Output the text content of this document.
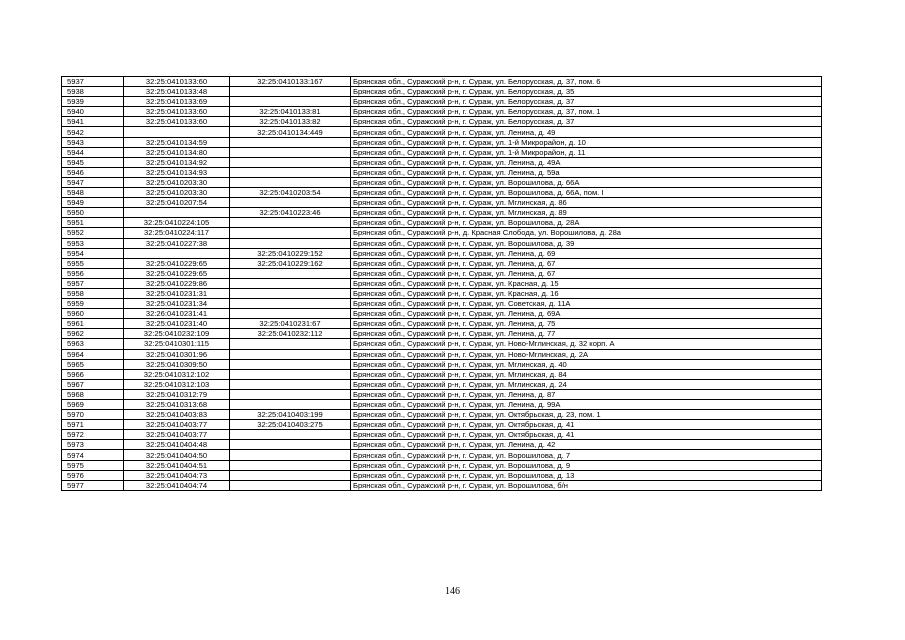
5937	32:25:0410133:60	32:25:0410133:167	Брянская обл., Суражский р-н, г. Сураж, ул. Белорусская, д. 37, пом. 6
5938	32:25:0410133:48		Брянская обл., Суражский р-н, г. Сураж, ул. Белорусская, д. 35
5939	32:25:0410133:69		Брянская обл., Суражский р-н, г. Сураж, ул. Белорусская, д. 37
5940	32:25:0410133:60	32:25:0410133:81	Брянская обл., Суражский р-н, г. Сураж, ул. Белорусская, д. 37, пом. 1
5941	32:25:0410133:60	32:25:0410133:82	Брянская обл., Суражский р-н, г. Сураж, ул. Белорусская, д. 37
5942		32:25:0410134:449	Брянская обл., Суражский р-н, г. Сураж, ул. Ленина, д. 49
5943	32:25:0410134:59		Брянская обл., Суражский р-н, г. Сураж, ул. 1-й Микрорайон, д. 10
5944	32:25:0410134:80		Брянская обл., Суражский р-н, г. Сураж, ул. 1-й Микрорайон, д. 11
5945	32:25:0410134:92		Брянская обл., Суражский р-н, г. Сураж, ул. Ленина, д. 49А
5946	32:25:0410134:93		Брянская обл., Суражский р-н, г. Сураж, ул. Ленина, д. 59а
5947	32:25:0410203:30		Брянская обл., Суражский р-н, г. Сураж, ул. Ворошилова, д. 66А
5948	32:25:0410203:30	32:25:0410203:54	Брянская обл., Суражский р-н, г. Сураж, ул. Ворошилова, д. 66А, пом. I
5949	32:25:0410207:54		Брянская обл., Суражский р-н, г. Сураж, ул. Мглинская, д. 86
5950		32:25:0410223:46	Брянская обл., Суражский р-н, г. Сураж, ул. Мглинская, д. 89
5951	32:25:0410224:105		Брянская обл., Суражский р-н, г. Сураж, ул. Ворошилова, д. 28А
5952	32:25:0410224:117		Брянская обл., Суражский р-н, д. Красная Слобода, ул. Ворошилова, д. 28а
5953	32:25:0410227:38		Брянская обл., Суражский р-н, г. Сураж, ул. Ворошилова, д. 39
5954		32:25:0410229:152	Брянская обл., Суражский р-н, г. Сураж, ул. Ленина, д. 69
5955	32:25:0410229:65	32:25:0410229:162	Брянская обл., Суражский р-н, г. Сураж, ул. Ленина, д. 67
5956	32:25:0410229:65		Брянская обл., Суражский р-н, г. Сураж, ул. Ленина, д. 67
5957	32:25:0410229:86		Брянская обл., Суражский р-н, г. Сураж, ул. Красная, д. 15
5958	32:25:0410231:31		Брянская обл., Суражский р-н, г. Сураж, ул. Красная, д. 16
5959	32:25:0410231:34		Брянская обл., Суражский р-н, г. Сураж, ул. Советская, д. 11А
5960	32:26:0410231:41		Брянская обл., Суражский р-н, г. Сураж, ул. Ленина, д. 69А
5961	32:25:0410231:40	32:25:0410231:67	Брянская обл., Суражский р-н, г. Сураж, ул. Ленина, д. 75
5962	32:25:0410232:109	32:25:0410232:112	Брянская обл., Суражский р-н, г. Сураж, ул. Ленина, д. 77
5963	32:25:0410301:115		Брянская обл., Суражский р-н, г. Сураж, ул. Ново-Мглинская, д. 32 корп. А
5964	32:25:0410301:96		Брянская обл., Суражский р-н, г. Сураж, ул. Ново-Мглинская, д. 2А
5965	32:25:0410309:50		Брянская обл., Суражский р-н, г. Сураж, ул. Мглинская, д. 40
5966	32:25:0410312:102		Брянская обл., Суражский р-н, г. Сураж, ул. Мглинская, д. 84
5967	32:25:0410312:103		Брянская обл., Суражский р-н, г. Сураж, ул. Мглинская, д. 24
5968	32:25:0410312:79		Брянская обл., Суражский р-н, г. Сураж, ул. Ленина, д. 87
5969	32:25:0410313:68		Брянская обл., Суражский р-н, г. Сураж, ул. Ленина, д. 99А
5970	32:25:0410403:83	32:25:0410403:199	Брянская обл., Суражский р-н, г. Сураж, ул. Октябрьская, д. 23, пом. 1
5971	32:25:0410403:77	32:25:0410403:275	Брянская обл., Суражский р-н, г. Сураж, ул. Октябрьская, д. 41
5972	32:25:0410403:77		Брянская обл., Суражский р-н, г. Сураж, ул. Октябрьская, д. 41
5973	32:25:0410404:48		Брянская обл., Суражский р-н, г. Сураж, ул. Ленина, д. 42
5974	32:25:0410404:50		Брянская обл., Суражский р-н, г. Сураж, ул. Ворошилова, д. 7
5975	32:25:0410404:51		Брянская обл., Суражский р-н, г. Сураж, ул. Ворошилова, д. 9
5976	32:25:0410404:73		Брянская обл., Суражский р-н, г. Сураж, ул. Ворошилова, д. 13
5977	32:25:0410404:74		Брянская обл., Суражский р-н, г. Сураж, ул. Ворошилова, б/н
146
